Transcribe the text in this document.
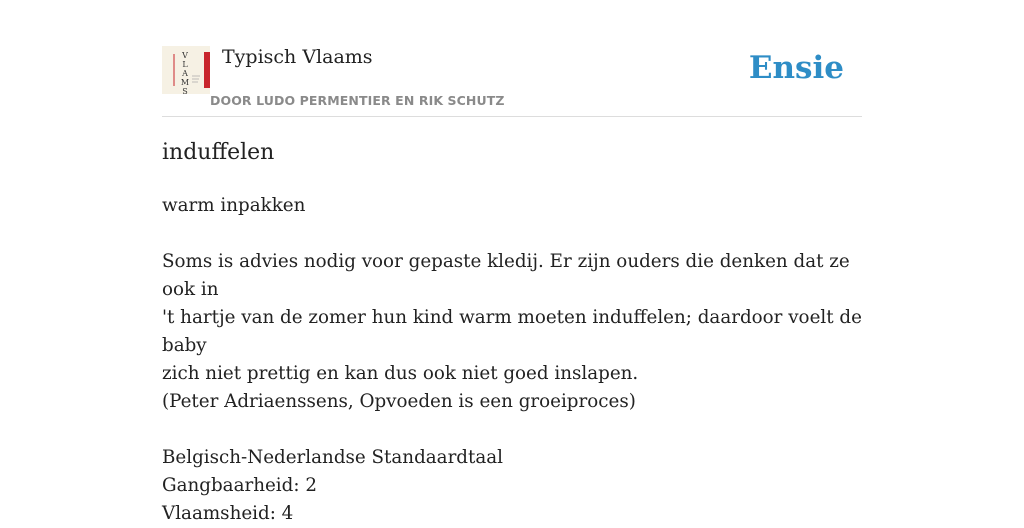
V
L
A
M
S
Typisch Vlaams
DOOR LUDO PERMENTIER EN RIK SCHUTZ
Ensie
induffelen

warm inpakken

Soms is advies nodig voor gepaste kledij. Er zijn ouders die denken dat ze ook in

't hartje van de zomer hun kind warm moeten induffelen; daardoor voelt de baby

zich niet prettig en kan dus ook niet goed inslapen.

(Peter Adriaenssens, Opvoeden is een groeiproces)

Belgisch-Nederlandse Standaardtaal

Gangbaarheid: 2

Vlaamsheid: 4
